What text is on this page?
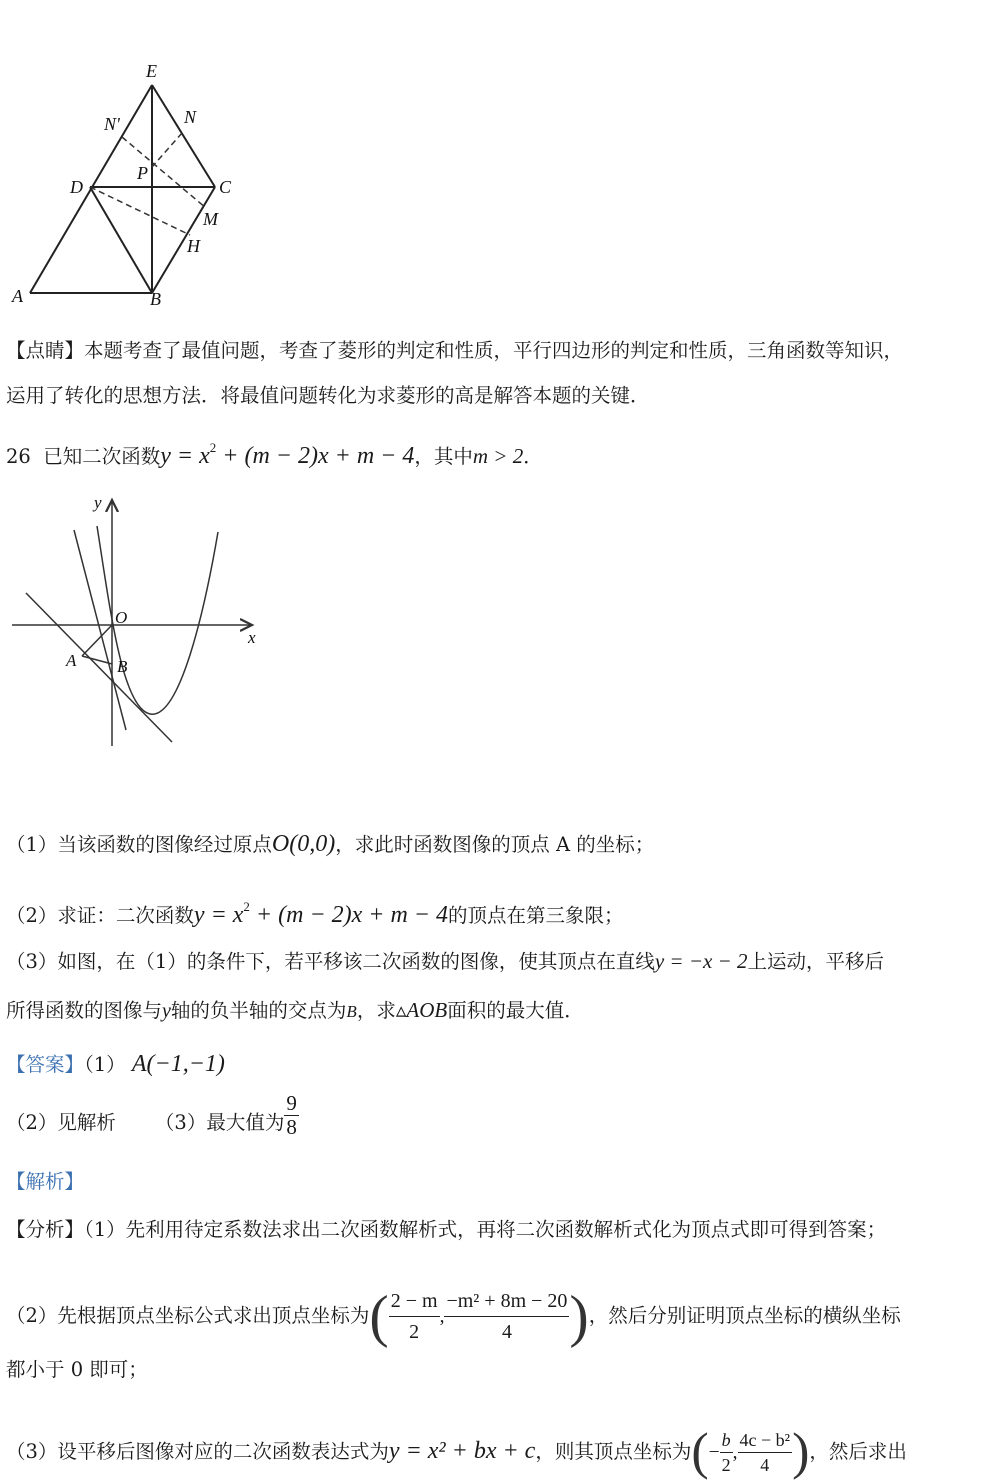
E
N'	N
P
D	C
M
H
A	B
【点睛】本题考查了最值问题，考查了菱形的判定和性质，平行四边形的判定和性质，三角函数等知识，
运用了转化的思想方法．将最值问题转化为求菱形的高是解答本题的关键．
26 已知二次函数$y = x^2 + (m - 2)x + m - 4$，其中m > 2．
y
O
x
A B
（1）当该函数的图像经过原点O(0,0)，求此时函数图像的顶点 A 的坐标；
（2）求证：二次函数$y = x^2 + (m - 2)x + m - 4$的顶点在第三象限；
（3）如图，在（1）的条件下，若平移该二次函数的图像，使其顶点在直线y = −x − 2上运动，平移后
所得函数的图像与y轴的负半轴的交点为B，求▵AOB面积的最大值．
【答案】（1） A(−1,−1)
（2）见解析   （3）最大值为 $\frac{9}{8}$
【解析】
【分析】（1）先利用待定系数法求出二次函数解析式，再将二次函数解析式化为顶点式即可得到答案；
（2）先根据顶点坐标公式求出顶点坐标为( $\frac{2 - m}{2}$ , $\frac{\text{−m² + 8m − 20}}{4}$ )，然后分别证明顶点坐标的横纵坐标
都小于 0 即可；
（3）设平移后图像对应的二次函数表达式为y = x² + bx + c，则其顶点坐标为(− $\frac{b}{2}$ , $\frac{\text{4c − b²}}{4}$ )，然后求出
